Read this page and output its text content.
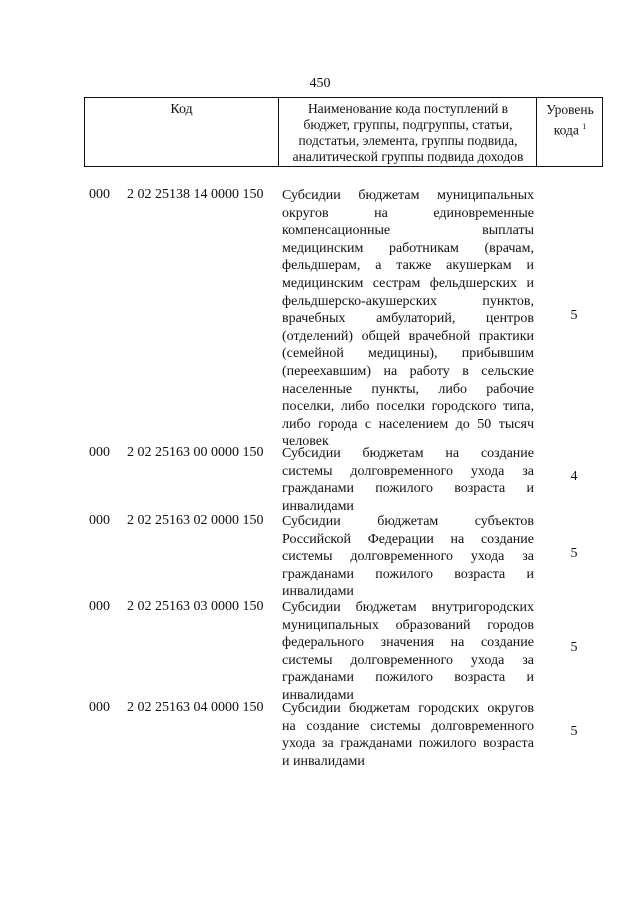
450
Код	Наименование кода поступлений в
бюджет, группы, подгруппы, статьи,
подстатьи, элемента, группы подвида,
аналитической группы подвида доходов
Уровень
кода $^1$
000 2 02 25138 14 0000 150 Субсидии бюджетам муниципальных
округов на единовременные
компенсационные выплаты
медицинским работникам (врачам,
фельдшерам, а также акушеркам и
медицинским сестрам фельдшерских и
фельдшерско-акушерских пунктов,
врачебных амбулаторий, центров
(отделений) общей врачебной практики
(семейной медицины), прибывшим
(переехавшим) на работу в сельские
населенные пункты, либо рабочие
поселки, либо поселки городского типа,
либо города с населением до 50 тысяч
человек
5
000 2 02 25163 00 0000 150 Субсидии бюджетам на создание
системы долговременного ухода за
гражданами пожилого возраста и
инвалидами
4
000 2 02 25163 02 0000 150 Субсидии бюджетам субъектов
Российской Федерации на создание
системы долговременного ухода за
гражданами пожилого возраста и
инвалидами
5
000 2 02 25163 03 0000 150 Субсидии бюджетам внутригородских
муниципальных образований городов
федерального значения на создание
системы долговременного ухода за
гражданами пожилого возраста и
инвалидами
5
000 2 02 25163 04 0000 150 Субсидии бюджетам городских округов
на создание системы долговременного
ухода за гражданами пожилого возраста
и инвалидами
5
